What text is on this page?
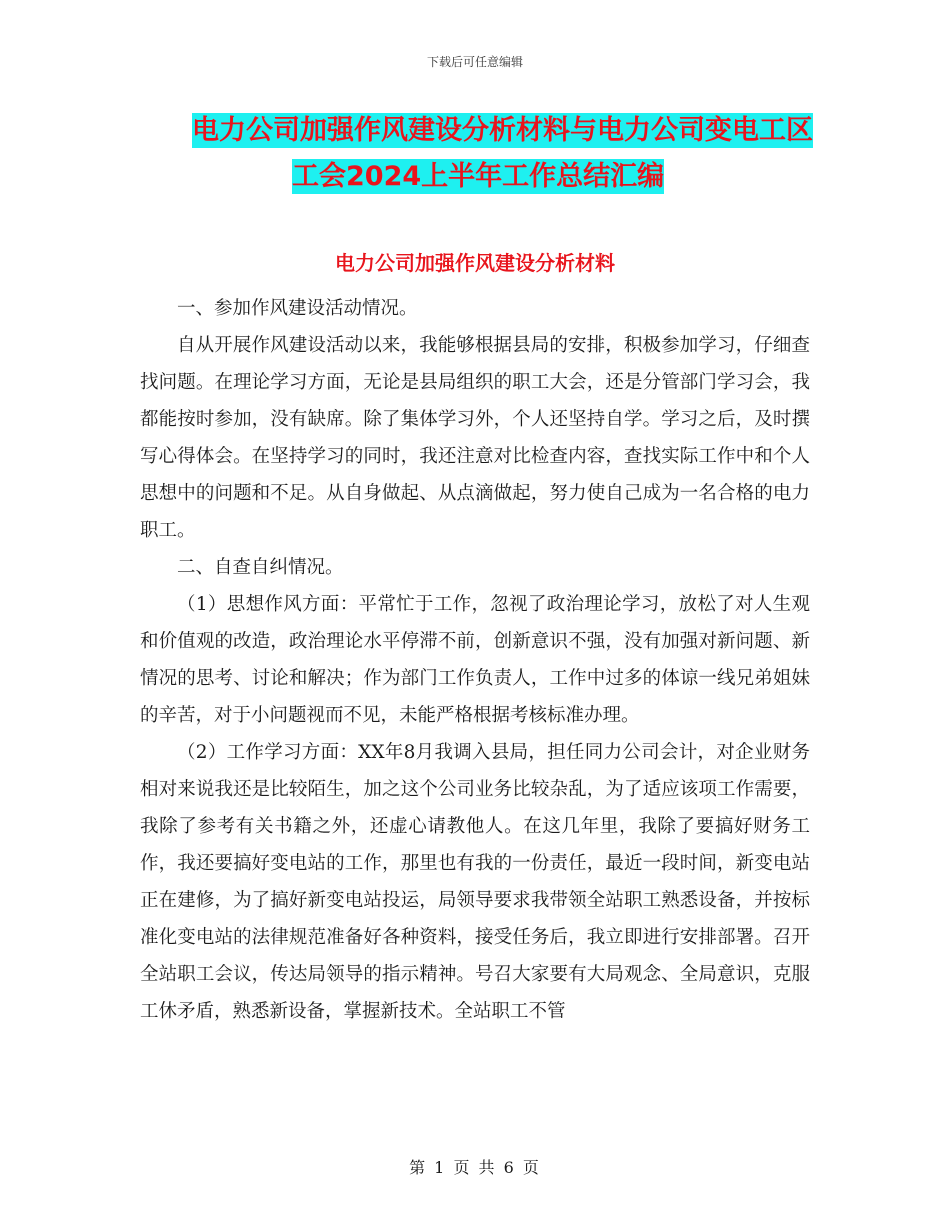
下载后可任意编辑
电力公司加强作风建设分析材料与电力公司变电工区
工会2024上半年工作总结汇编
电力公司加强作风建设分析材料

一、参加作风建设活动情况。

自从开展作风建设活动以来，我能够根据县局的安排，积极参加学习，仔细查找问题。在理论学习方面，无论是县局组织的职工大会，还是分管部门学习会，我都能按时参加，没有缺席。除了集体学习外，个人还坚持自学。学习之后，及时撰写心得体会。在坚持学习的同时，我还注意对比检查内容，查找实际工作中和个人思想中的问题和不足。从自身做起、从点滴做起，努力使自己成为一名合格的电力职工。

二、自查自纠情况。

（1）思想作风方面：平常忙于工作，忽视了政治理论学习，放松了对人生观和价值观的改造，政治理论水平停滞不前，创新意识不强，没有加强对新问题、新情况的思考、讨论和解决；作为部门工作负责人，工作中过多的体谅一线兄弟姐妹的辛苦，对于小问题视而不见，未能严格根据考核标准办理。

（2）工作学习方面：XX年8月我调入县局，担任同力公司会计，对企业财务相对来说我还是比较陌生，加之这个公司业务比较杂乱，为了适应该项工作需要，我除了参考有关书籍之外，还虚心请教他人。在这几年里，我除了要搞好财务工作，我还要搞好变电站的工作，那里也有我的一份责任，最近一段时间，新变电站正在建修，为了搞好新变电站投运，局领导要求我带领全站职工熟悉设备，并按标准化变电站的法律规范准备好各种资料，接受任务后，我立即进行安排部署。召开全站职工会议，传达局领导的指示精神。号召大家要有大局观念、全局意识，克服工休矛盾，熟悉新设备，掌握新技术。全站职工不管

第 1 页 共 6 页
